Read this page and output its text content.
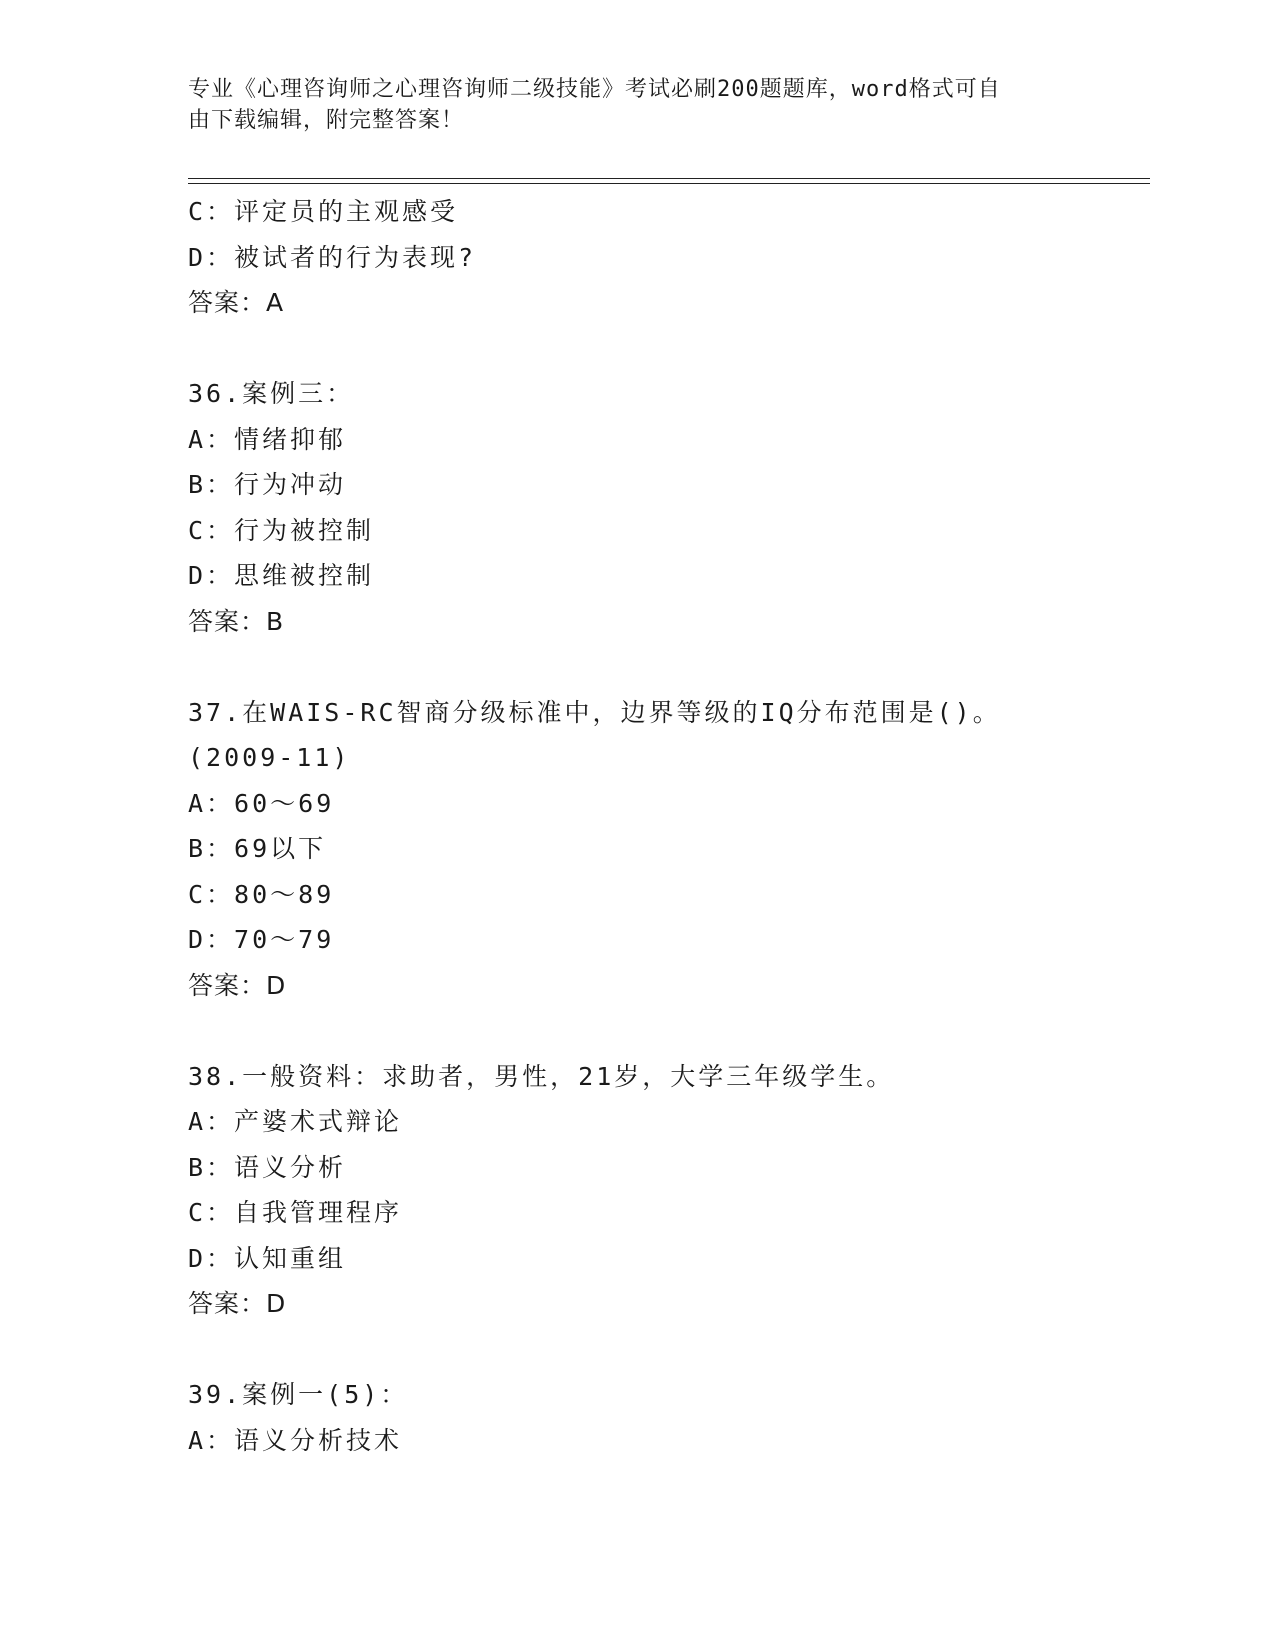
专业《心理咨询师之心理咨询师二级技能》考试必刷200题题库，word格式可自
由下载编辑，附完整答案！
C：评定员的主观感受
D：被试者的行为表现?
答案：A
36.案例三：
A：情绪抑郁
B：行为冲动
C：行为被控制
D：思维被控制
答案：B
37.在WAIS-RC智商分级标准中，边界等级的IQ分布范围是()。
(2009-11)
A：60～69
B：69以下
C：80～89
D：70～79
答案：D
38.一般资料：求助者，男性，21岁，大学三年级学生。
A：产婆术式辩论
B：语义分析
C：自我管理程序
D：认知重组
答案：D
39.案例一(5)：
A：语义分析技术
